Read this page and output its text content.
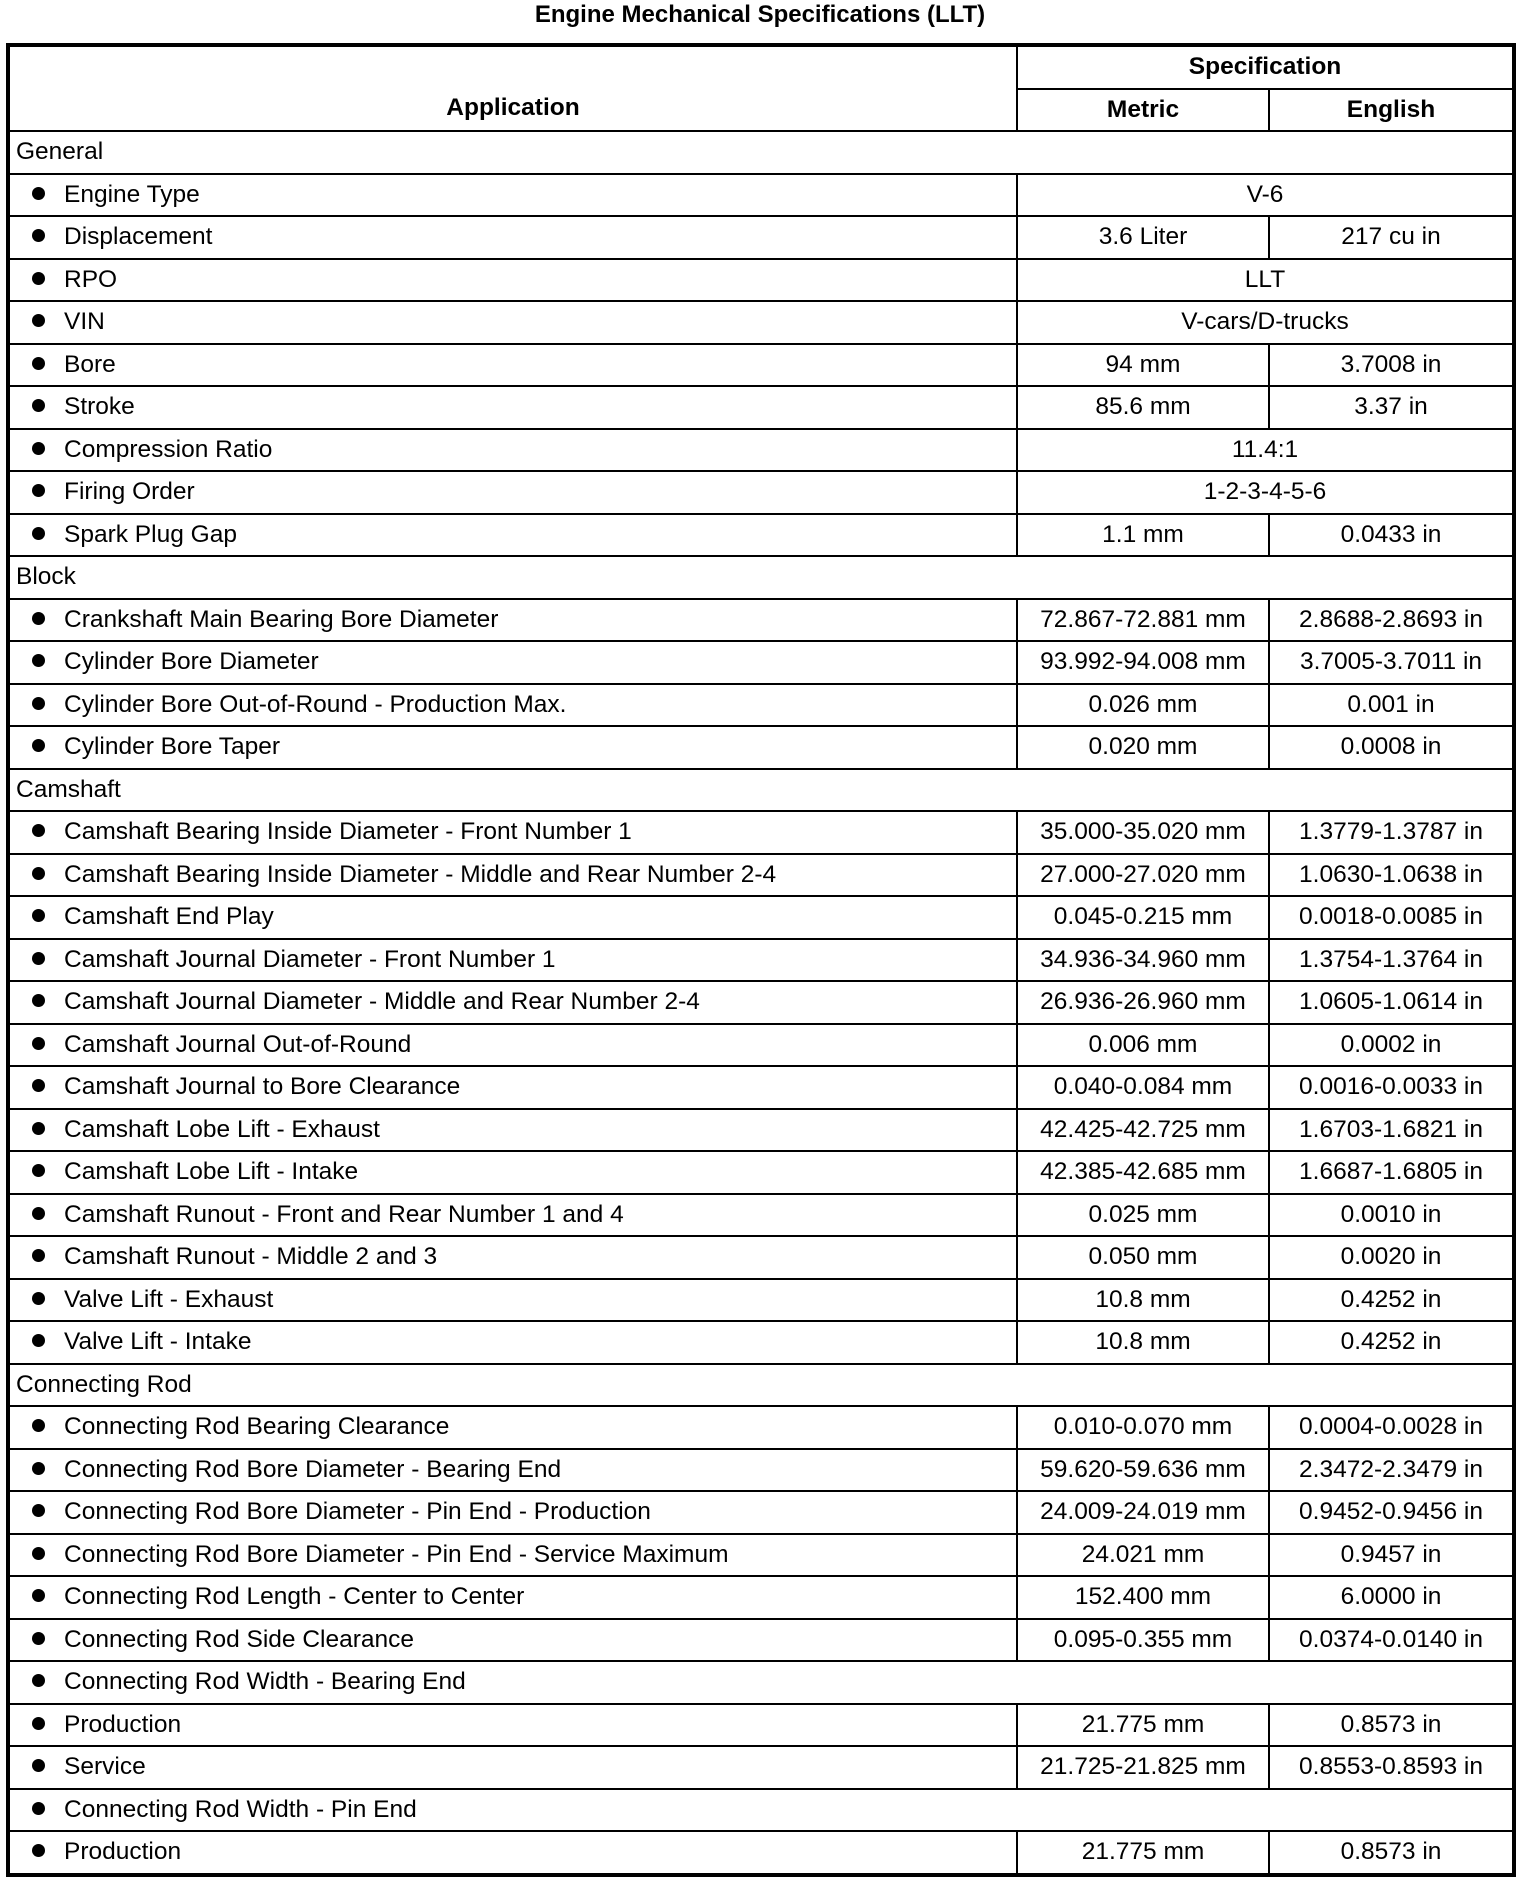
Engine Mechanical Specifications (LLT)
Application	Specification	
	Metric	English
General		
Engine Type	V-6	
Displacement	3.6 Liter	217 cu in
RPO	LLT	
VIN	V-cars/D-trucks	
Bore	94 mm	3.7008 in
Stroke	85.6 mm	3.37 in
Compression Ratio	11.4:1	
Firing Order	1-2-3-4-5-6	
Spark Plug Gap	1.1 mm	0.0433 in
Block		
Crankshaft Main Bearing Bore Diameter	72.867-72.881 mm	2.8688-2.8693 in
Cylinder Bore Diameter	93.992-94.008 mm	3.7005-3.7011 in
Cylinder Bore Out-of-Round - Production Max.	0.026 mm	0.001 in
Cylinder Bore Taper	0.020 mm	0.0008 in
Camshaft		
Camshaft Bearing Inside Diameter - Front Number 1	35.000-35.020 mm	1.3779-1.3787 in
Camshaft Bearing Inside Diameter - Middle and Rear Number 2-4	27.000-27.020 mm	1.0630-1.0638 in
Camshaft End Play	0.045-0.215 mm	0.0018-0.0085 in
Camshaft Journal Diameter - Front Number 1	34.936-34.960 mm	1.3754-1.3764 in
Camshaft Journal Diameter - Middle and Rear Number 2-4	26.936-26.960 mm	1.0605-1.0614 in
Camshaft Journal Out-of-Round	0.006 mm	0.0002 in
Camshaft Journal to Bore Clearance	0.040-0.084 mm	0.0016-0.0033 in
Camshaft Lobe Lift - Exhaust	42.425-42.725 mm	1.6703-1.6821 in
Camshaft Lobe Lift - Intake	42.385-42.685 mm	1.6687-1.6805 in
Camshaft Runout - Front and Rear Number 1 and 4	0.025 mm	0.0010 in
Camshaft Runout - Middle 2 and 3	0.050 mm	0.0020 in
Valve Lift - Exhaust	10.8 mm	0.4252 in
Valve Lift - Intake	10.8 mm	0.4252 in
Connecting Rod		
Connecting Rod Bearing Clearance	0.010-0.070 mm	0.0004-0.0028 in
Connecting Rod Bore Diameter - Bearing End	59.620-59.636 mm	2.3472-2.3479 in
Connecting Rod Bore Diameter - Pin End - Production	24.009-24.019 mm	0.9452-0.9456 in
Connecting Rod Bore Diameter - Pin End - Service Maximum	24.021 mm	0.9457 in
Connecting Rod Length - Center to Center	152.400 mm	6.0000 in
Connecting Rod Side Clearance	0.095-0.355 mm	0.0374-0.0140 in
Connecting Rod Width - Bearing End		
Production	21.775 mm	0.8573 in
Service	21.725-21.825 mm	0.8553-0.8593 in
Connecting Rod Width - Pin End		
Production	21.775 mm	0.8573 in
